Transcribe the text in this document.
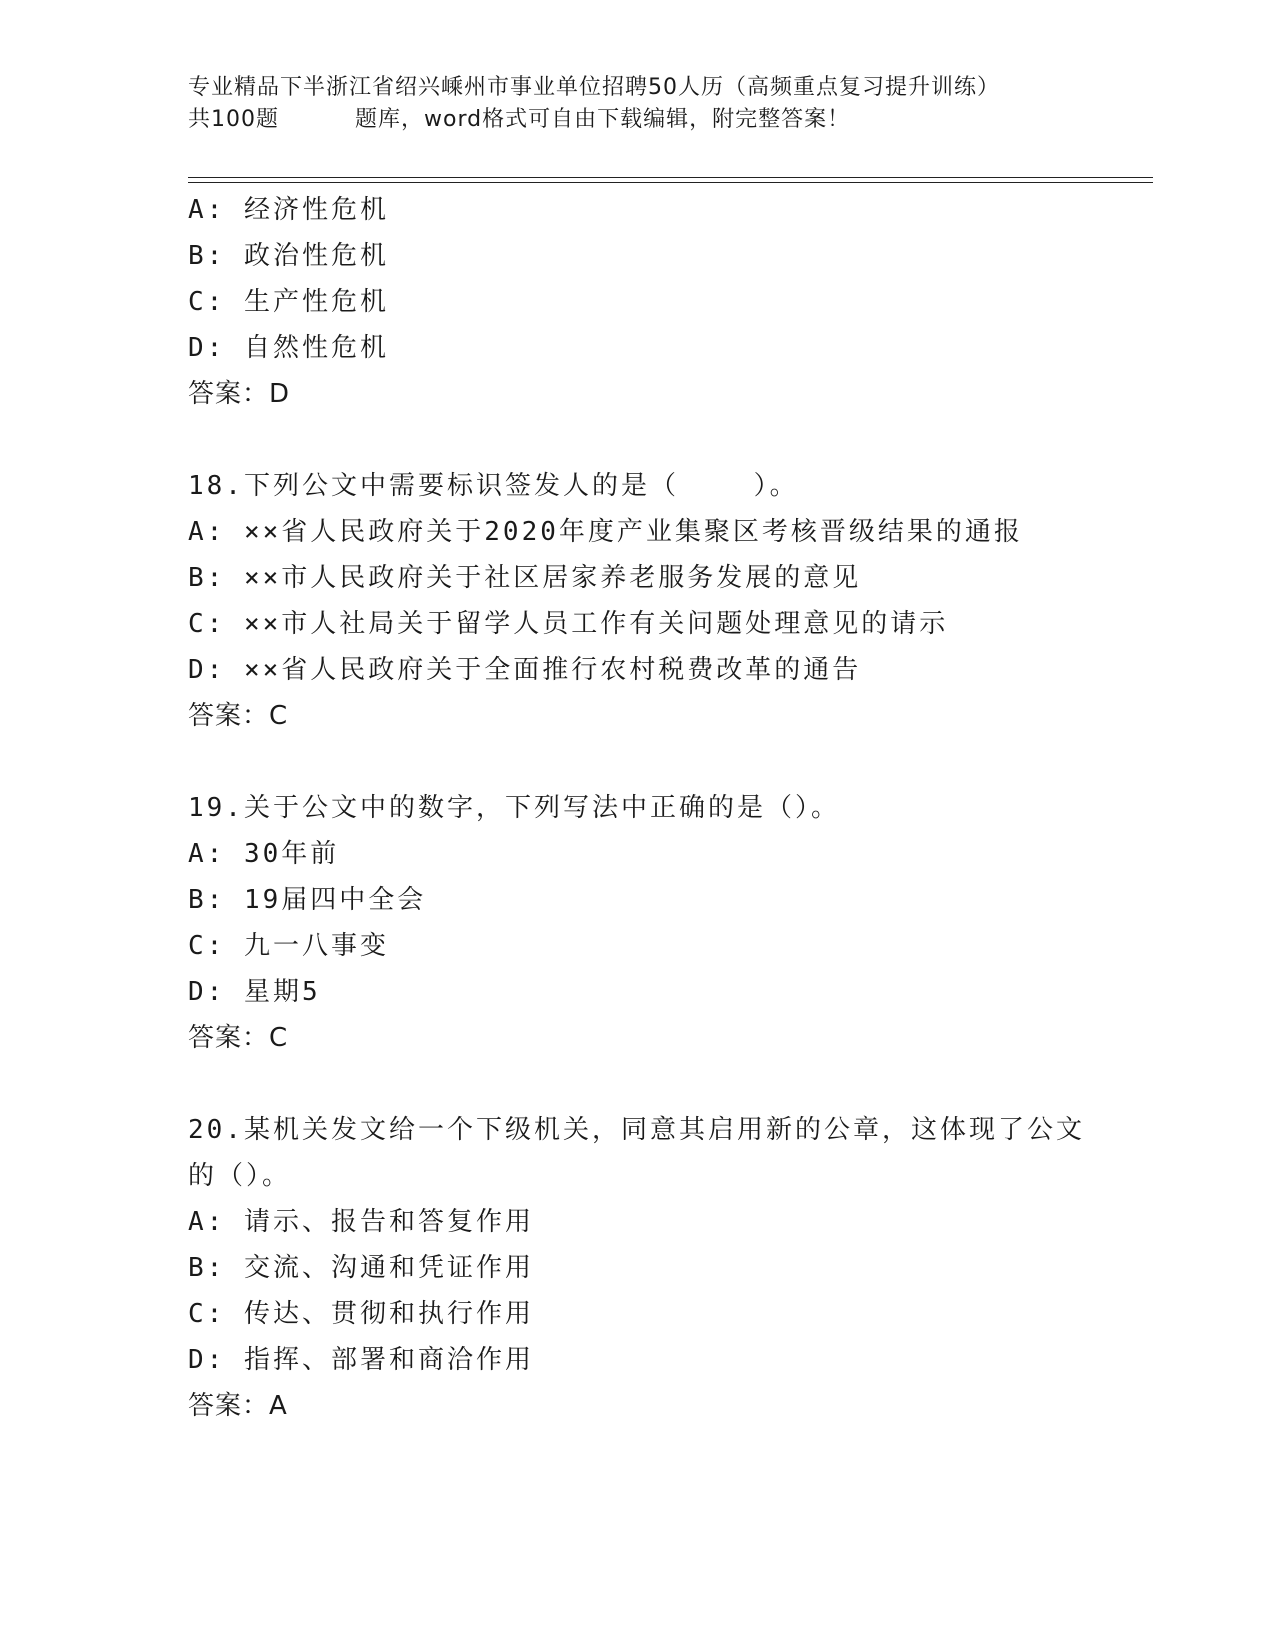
专业精品下半浙江省绍兴嵊州市事业单位招聘50人历（高频重点复习提升训练）
共100题	题库，word格式可自由下载编辑，附完整答案！
A: 经济性危机
B: 政治性危机
C: 生产性危机
D: 自然性危机
答案：D
18.下列公文中需要标识签发人的是（    ）。
A: ××省人民政府关于2020年度产业集聚区考核晋级结果的通报
B: ××市人民政府关于社区居家养老服务发展的意见
C: ××市人社局关于留学人员工作有关问题处理意见的请示
D: ××省人民政府关于全面推行农村税费改革的通告
答案：C
19.关于公文中的数字，下列写法中正确的是（）。
A: 30年前
B: 19届四中全会
C: 九一八事变
D: 星期5
答案：C
20.某机关发文给一个下级机关，同意其启用新的公章，这体现了公文
的（）。
A: 请示、报告和答复作用
B: 交流、沟通和凭证作用
C: 传达、贯彻和执行作用
D: 指挥、部署和商洽作用
答案：A
